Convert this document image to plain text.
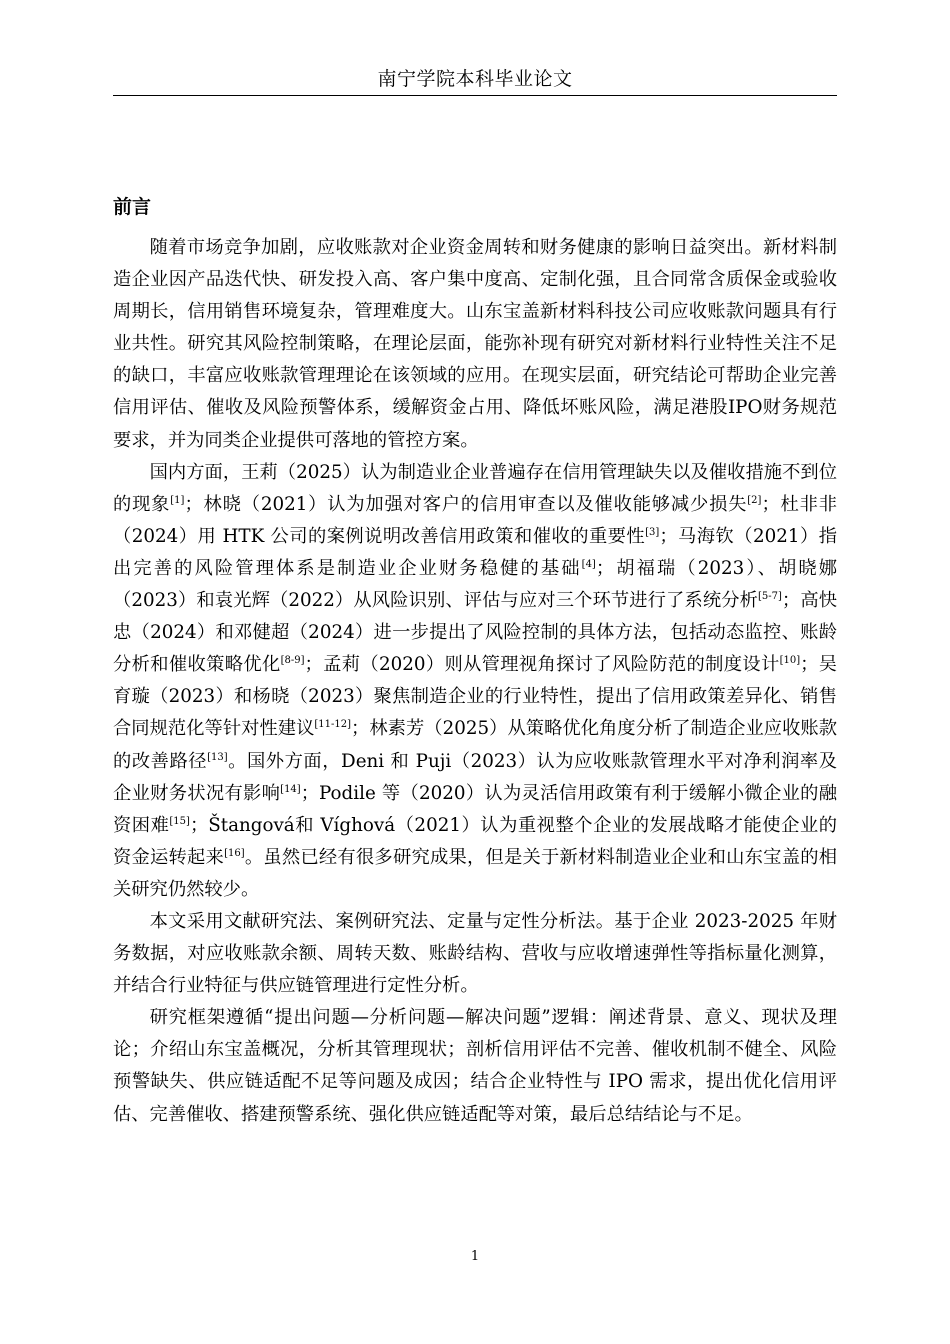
南宁学院本科毕业论文
前言

随着市场竞争加剧，应收账款对企业资金周转和财务健康的影响日益突出。新材料制造企业因产品迭代快、研发投入高、客户集中度高、定制化强，且合同常含质保金或验收周期长，信用销售环境复杂，管理难度大。山东宝盖新材料科技公司应收账款问题具有行业共性。研究其风险控制策略，在理论层面，能弥补现有研究对新材料行业特性关注不足的缺口，丰富应收账款管理理论在该领域的应用。在现实层面，研究结论可帮助企业完善信用评估、催收及风险预警体系，缓解资金占用、降低坏账风险，满足港股IPO财务规范要求，并为同类企业提供可落地的管控方案。

国内方面，王莉（2025）认为制造业企业普遍存在信用管理缺失以及催收措施不到位的现象[1]；林晓（2021）认为加强对客户的信用审查以及催收能够减少损失[2]；杜非非（2024）用 HTK 公司的案例说明改善信用政策和催收的重要性[3]；马海钦（2021）指出完善的风险管理体系是制造业企业财务稳健的基础[4]；胡福瑞（2023）、胡晓娜（2023）和袁光辉（2022）从风险识别、评估与应对三个环节进行了系统分析[5-7]；高快忠（2024）和邓健超（2024）进一步提出了风险控制的具体方法，包括动态监控、账龄分析和催收策略优化[8-9]；孟莉（2020）则从管理视角探讨了风险防范的制度设计[10]；吴育璇（2023）和杨晓（2023）聚焦制造企业的行业特性，提出了信用政策差异化、销售合同规范化等针对性建议[11-12]；林素芳（2025）从策略优化角度分析了制造企业应收账款的改善路径[13]。国外方面，Deni 和 Puji（2023）认为应收账款管理水平对净利润率及企业财务状况有影响[14]；Podile 等（2020）认为灵活信用政策有利于缓解小微企业的融资困难[15]；Štangová和 Víghová（2021）认为重视整个企业的发展战略才能使企业的资金运转起来[16]。虽然已经有很多研究成果，但是关于新材料制造业企业和山东宝盖的相关研究仍然较少。

本文采用文献研究法、案例研究法、定量与定性分析法。基于企业 2023-2025 年财务数据，对应收账款余额、周转天数、账龄结构、营收与应收增速弹性等指标量化测算，并结合行业特征与供应链管理进行定性分析。

研究框架遵循“提出问题—分析问题—解决问题”逻辑：阐述背景、意义、现状及理论；介绍山东宝盖概况，分析其管理现状；剖析信用评估不完善、催收机制不健全、风险预警缺失、供应链适配不足等问题及成因；结合企业特性与 IPO 需求，提出优化信用评估、完善催收、搭建预警系统、强化供应链适配等对策，最后总结结论与不足。

1
